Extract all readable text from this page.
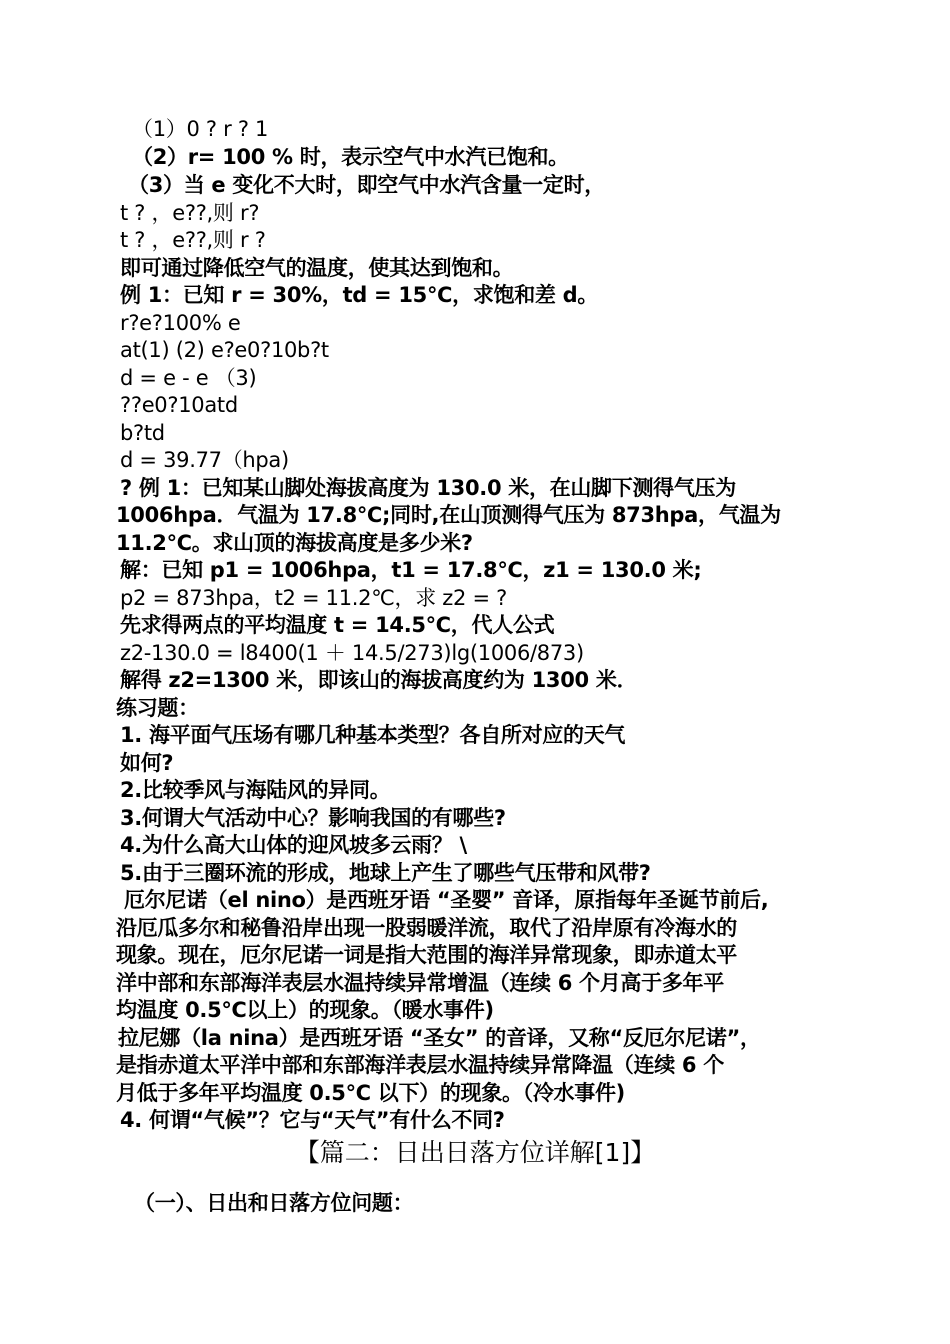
（1）0 ? r ? 1
（2）r= 100 % 时，表示空气中水汽已饱和。
（3）当 e 变化不大时，即空气中水汽含量一定时，
t ? ，e??,则 r?
t ? ，e??,则 r ?
即可通过降低空气的温度，使其达到饱和。
例 1：已知 r = 30%，td = 15℃，求饱和差 d。
r?e?100% e
at(1) (2) e?e0?10b?t
d = e - e （3)
??e0?10atd
b?td
d = 39.77（hpa)
? 例 1：已知某山脚处海拔高度为 130.0 米，在山脚下测得气压为
1006hpa．气温为 17.8℃;同时,在山顶测得气压为 873hpa，气温为
11.2℃。求山顶的海拔高度是多少米?
解：已知 p1 = 1006hpa，t1 = 17.8℃，z1 = 130.0 米;
p2 = 873hpa，t2 = 11.2℃，求 z2 = ?
先求得两点的平均温度 t = 14.5℃，代人公式
z2-130.0 = l8400(1 ＋ 14.5/273)lg(1006/873)
解得 z2=1300 米，即该山的海拔高度约为 1300 米．
练习题：
1. 海平面气压场有哪几种基本类型？各自所对应的天气
如何?
2.比较季风与海陆风的异同。
3.何谓大气活动中心？影响我国的有哪些?
4.为什么高大山体的迎风坡多云雨？ \
5.由于三圈环流的形成，地球上产生了哪些气压带和风带?
厄尔尼诺（el nino）是西班牙语 “圣婴” 音译，原指每年圣诞节前后,
沿厄瓜多尔和秘鲁沿岸出现一股弱暖洋流，取代了沿岸原有冷海水的
现象。现在，厄尔尼诺一词是指大范围的海洋异常现象，即赤道太平
洋中部和东部海洋表层水温持续异常增温（连续 6 个月高于多年平
均温度 0.5℃以上）的现象。（暖水事件)
拉尼娜（la nina）是西班牙语 “圣女” 的音译，又称“反厄尔尼诺”，
是指赤道太平洋中部和东部海洋表层水温持续异常降温（连续 6 个
月低于多年平均温度 0.5℃ 以下）的现象。（冷水事件)
4. 何谓“气候”？它与“天气”有什么不同?
【篇二：日出日落方位详解[1]】
（一）、日出和日落方位问题：
